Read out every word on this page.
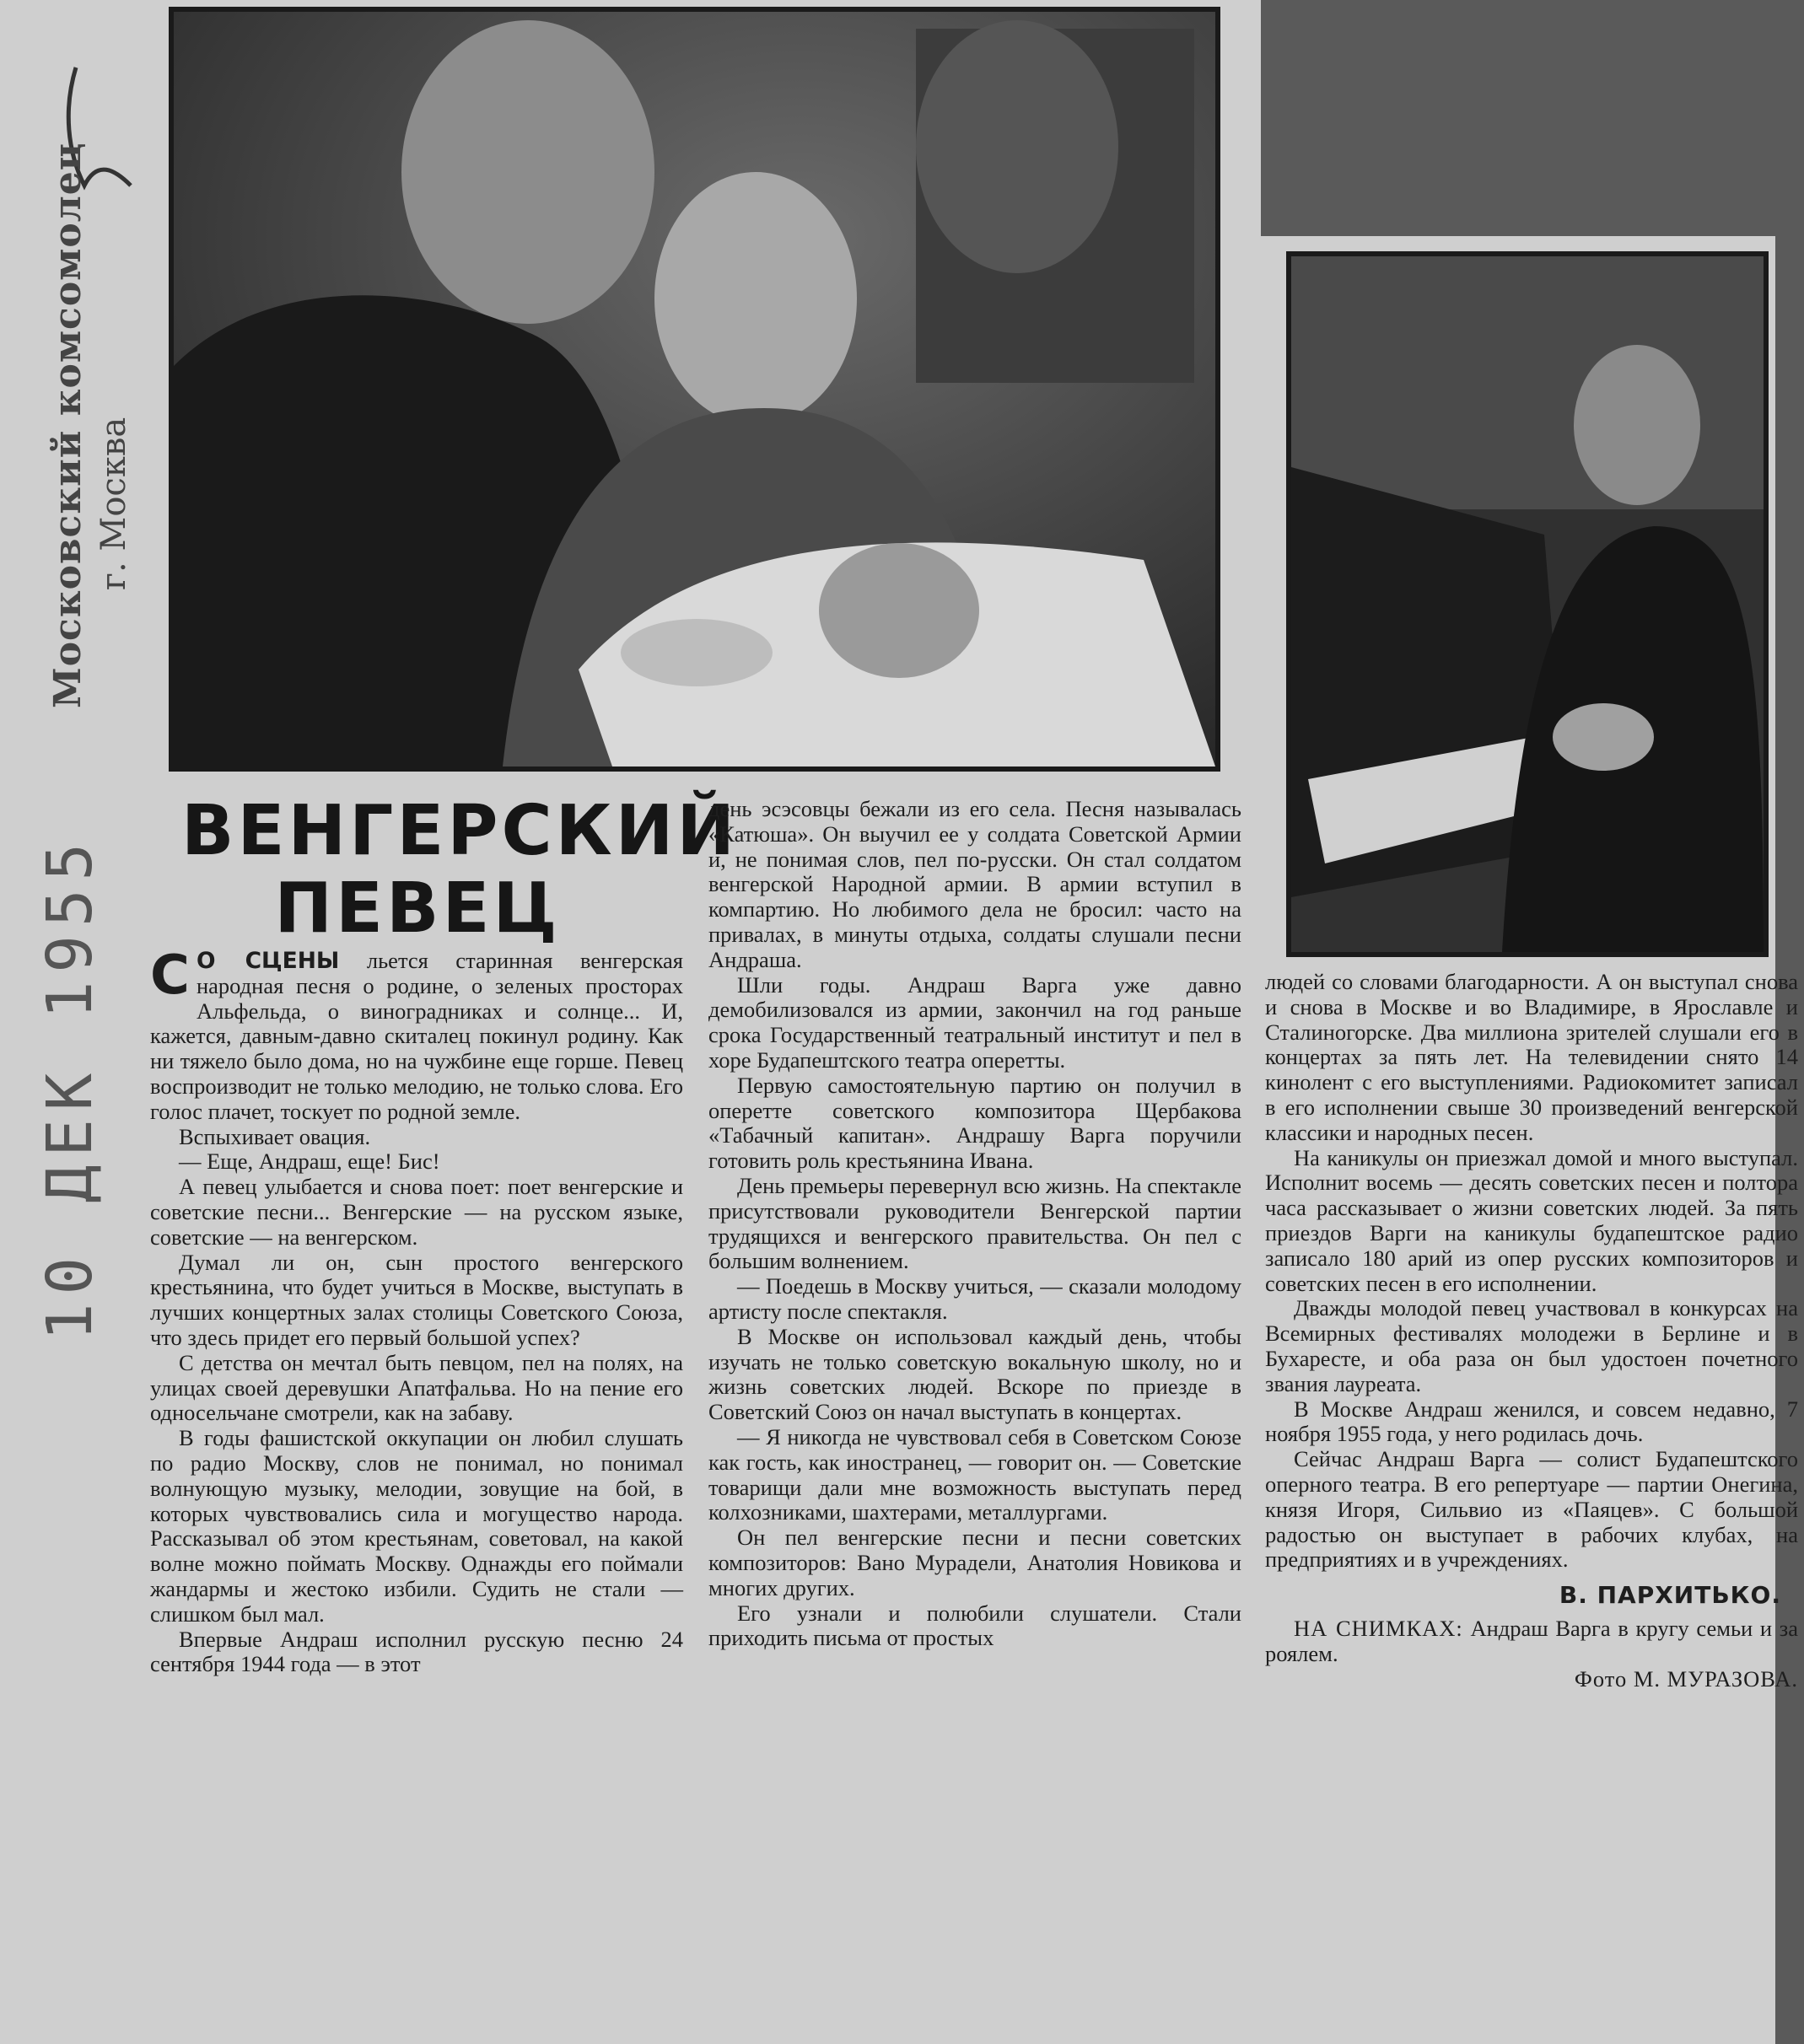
Московский комсомолец г. Москва
10 ДЕК 1955
ВЕНГЕРСКИЙ
ПЕВЕЦ

С О СЦЕНЫ льется старинная венгерская народная песня о родине, о зеленых просторах Альфельда, о виноградниках и солнце... И, кажется, давным-давно скиталец покинул родину. Как ни тяжело было дома, но на чужбине еще горше. Певец воспроизводит не только мелодию, не только слова. Его голос плачет, тоскует по родной земле.

Вспыхивает овация.

— Еще, Андраш, еще! Бис!

А певец улыбается и снова поет: поет венгерские и советские песни... Венгерские — на русском языке, советские — на венгерском.

Думал ли он, сын простого венгерского крестьянина, что будет учиться в Москве, выступать в лучших концертных залах столицы Советского Союза, что здесь придет его первый большой успех?

С детства он мечтал быть певцом, пел на полях, на улицах своей деревушки Апатфальва. Но на пение его односельчане смотрели, как на забаву.

В годы фашистской оккупации он любил слушать по радио Москву, слов не понимал, но понимал волнующую музыку, мелодии, зовущие на бой, в которых чувствовались сила и могущество народа. Рассказывал об этом крестьянам, советовал, на какой волне можно поймать Москву. Однажды его поймали жандармы и жестоко избили. Судить не стали — слишком был мал.

Впервые Андраш исполнил русскую песню 24 сентября 1944 года — в этот

день эсэсовцы бежали из его села. Песня называлась «Катюша». Он выучил ее у солдата Советской Армии и, не понимая слов, пел по-русски. Он стал солдатом венгерской Народной армии. В армии вступил в компартию. Но любимого дела не бросил: часто на привалах, в минуты отдыха, солдаты слушали песни Андраша.

Шли годы. Андраш Варга уже давно демобилизовался из армии, закончил на год раньше срока Государственный театральный институт и пел в хоре Будапештского театра оперетты.

Первую самостоятельную партию он получил в оперетте советского композитора Щербакова «Табачный капитан». Андрашу Варга поручили готовить роль крестьянина Ивана.

День премьеры перевернул всю жизнь. На спектакле присутствовали руководители Венгерской партии трудящихся и венгерского правительства. Он пел с большим волнением.

— Поедешь в Москву учиться, — сказали молодому артисту после спектакля.

В Москве он использовал каждый день, чтобы изучать не только советскую вокальную школу, но и жизнь советских людей. Вскоре по приезде в Советский Союз он начал выступать в концертах.

— Я никогда не чувствовал себя в Советском Союзе как гость, как иностранец, — говорит он. — Советские товарищи дали мне возможность выступать перед колхозниками, шахтерами, металлургами.

Он пел венгерские песни и песни советских композиторов: Вано Мурадели, Анатолия Новикова и многих других.

Его узнали и полюбили слушатели. Стали приходить письма от простых

людей со словами благодарности. А он выступал снова и снова в Москве и во Владимире, в Ярославле и Сталиногорске. Два миллиона зрителей слушали его в концертах за пять лет. На телевидении снято 14 кинолент с его выступлениями. Радиокомитет записал в его исполнении свыше 30 произведений венгерской классики и народных песен.

На каникулы он приезжал домой и много выступал. Исполнит восемь — десять советских песен и полтора часа рассказывает о жизни советских людей. За пять приездов Варги на каникулы будапештское радио записало 180 арий из опер русских композиторов и советских песен в его исполнении.

Дважды молодой певец участвовал в конкурсах на Всемирных фестивалях молодежи в Берлине и в Бухаресте, и оба раза он был удостоен почетного звания лауреата.

В Москве Андраш женился, и совсем недавно, 7 ноября 1955 года, у него родилась дочь.

Сейчас Андраш Варга — солист Будапештского оперного театра. В его репертуаре — партии Онегина, князя Игоря, Сильвио из «Паяцев». С большой радостью он выступает в рабочих клубах, на предприятиях и в учреждениях.

В. ПАРХИТЬКО.

НА СНИМКАХ: Андраш Варга в кругу семьи и за роялем.

Фото М. МУРАЗОВА.
